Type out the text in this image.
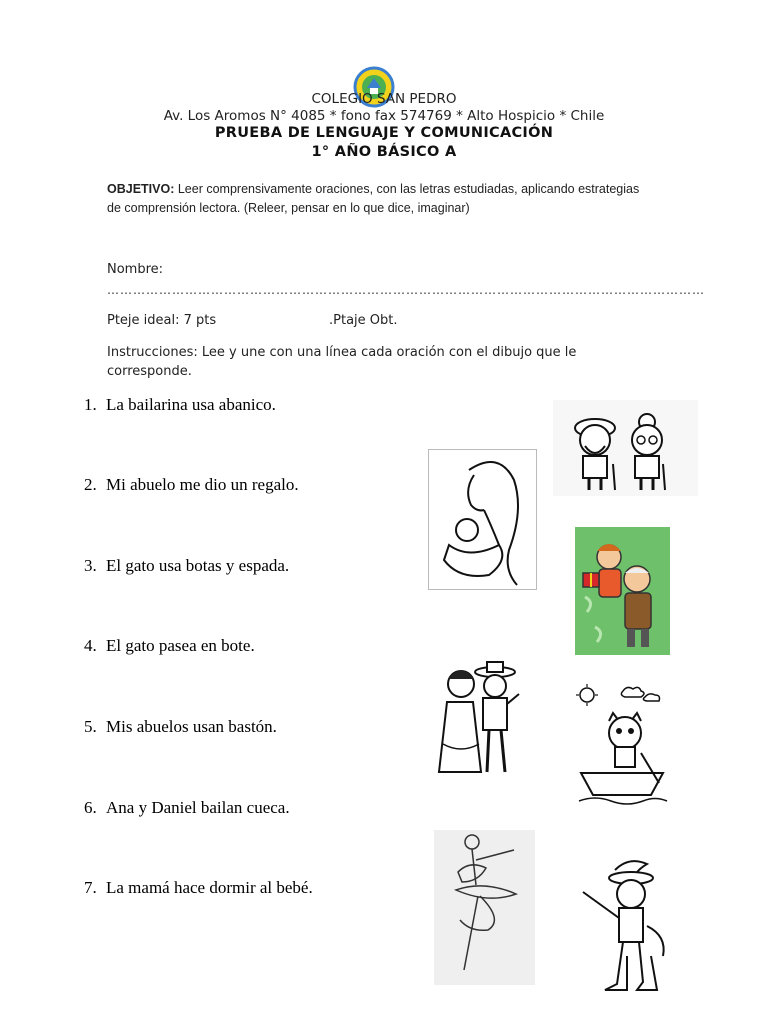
COLEGIO SAN PEDRO
Av. Los Aromos N° 4085 * fono fax 574769 * Alto Hospicio * Chile
PRUEBA DE LENGUAJE Y COMUNICACIÓN
1° AÑO BÁSICO A
OBJETIVO: Leer comprensivamente oraciones, con las letras estudiadas, aplicando estrategias de comprensión lectora. (Releer, pensar en lo que dice, imaginar)
Nombre:
…………………………………………………………………………………………………………………………
Pteje ideal: 7 pts	.Ptaje Obt.
Instrucciones: Lee y une con una línea cada oración con el dibujo que le corresponde.
1. La bailarina usa abanico.
2. Mi abuelo me dio un regalo.
3. El gato usa botas y espada.
4. El gato pasea en bote.
5. Mis abuelos usan bastón.
6. Ana y Daniel bailan cueca.
7. La mamá hace dormir al bebé.
